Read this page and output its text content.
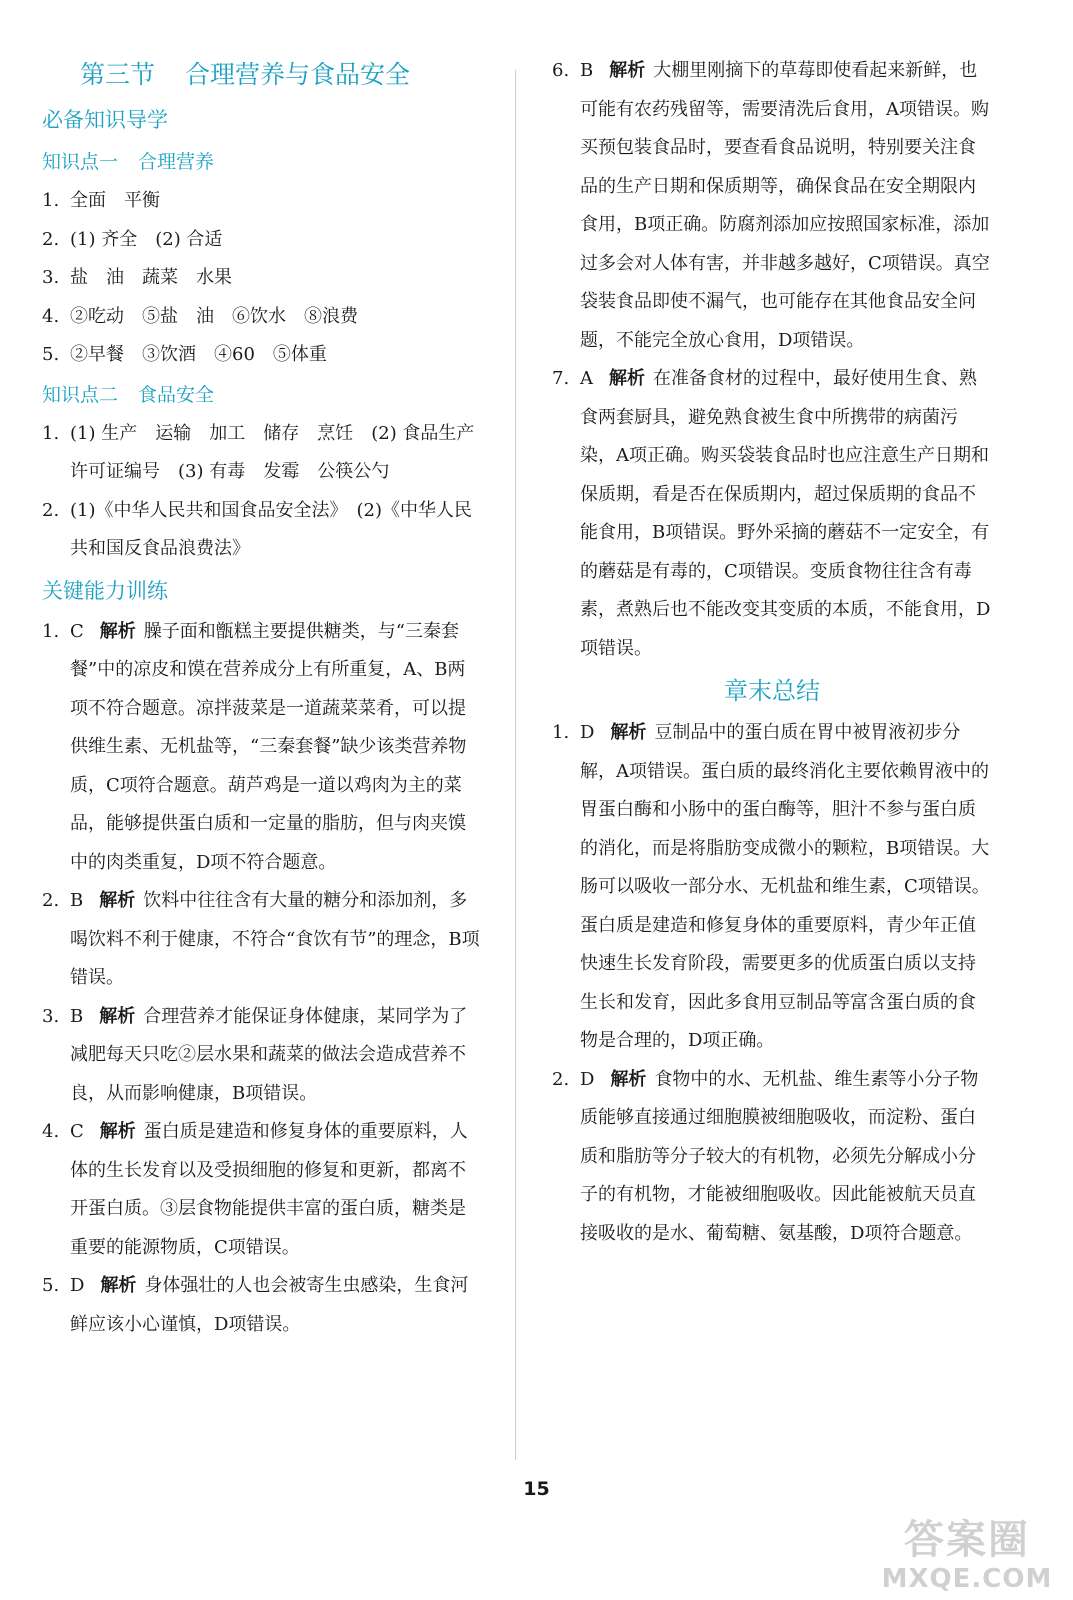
第三节 合理营养与食品安全
必备知识导学
知识点一 合理营养
1. 全面　平衡
2. (1) 齐全　(2) 合适
3. 盐　油　蔬菜　水果
4. ②吃动　⑤盐　油　⑥饮水　⑧浪费
5. ②早餐　③饮酒　④60　⑤体重
知识点二 食品安全
1. (1) 生产　运输　加工　储存　烹饪　(2) 食品生产许可证编号　(3) 有毒　发霉　公筷公勺
2. (1)《中华人民共和国食品安全法》　(2)《中华人民共和国反食品浪费法》
关键能力训练
1. C 解析 臊子面和甑糕主要提供糖类，与“三秦套餐”中的凉皮和馍在营养成分上有所重复，A、B两项不符合题意。凉拌菠菜是一道蔬菜菜肴，可以提供维生素、无机盐等，“三秦套餐”缺少该类营养物质，C项符合题意。葫芦鸡是一道以鸡肉为主的菜品，能够提供蛋白质和一定量的脂肪，但与肉夹馍中的肉类重复，D项不符合题意。
2. B 解析 饮料中往往含有大量的糖分和添加剂，多喝饮料不利于健康，不符合“食饮有节”的理念，B项错误。
3. B 解析 合理营养才能保证身体健康，某同学为了减肥每天只吃②层水果和蔬菜的做法会造成营养不良，从而影响健康，B项错误。
4. C 解析 蛋白质是建造和修复身体的重要原料，人体的生长发育以及受损细胞的修复和更新，都离不开蛋白质。③层食物能提供丰富的蛋白质，糖类是重要的能源物质，C项错误。
5. D 解析 身体强壮的人也会被寄生虫感染，生食河鲜应该小心谨慎，D项错误。
6. B 解析 大棚里刚摘下的草莓即使看起来新鲜，也可能有农药残留等，需要清洗后食用，A项错误。购买预包装食品时，要查看食品说明，特别要关注食品的生产日期和保质期等，确保食品在安全期限内食用，B项正确。防腐剂添加应按照国家标准，添加过多会对人体有害，并非越多越好，C项错误。真空袋装食品即使不漏气，也可能存在其他食品安全问题，不能完全放心食用，D项错误。
7. A 解析 在准备食材的过程中，最好使用生食、熟食两套厨具，避免熟食被生食中所携带的病菌污染，A项正确。购买袋装食品时也应注意生产日期和保质期，看是否在保质期内，超过保质期的食品不能食用，B项错误。野外采摘的蘑菇不一定安全，有的蘑菇是有毒的，C项错误。变质食物往往含有毒素，煮熟后也不能改变其变质的本质，不能食用，D项错误。
章末总结
1. D 解析 豆制品中的蛋白质在胃中被胃液初步分解，A项错误。蛋白质的最终消化主要依赖胃液中的胃蛋白酶和小肠中的蛋白酶等，胆汁不参与蛋白质的消化，而是将脂肪变成微小的颗粒，B项错误。大肠可以吸收一部分水、无机盐和维生素，C项错误。蛋白质是建造和修复身体的重要原料，青少年正值快速生长发育阶段，需要更多的优质蛋白质以支持生长和发育，因此多食用豆制品等富含蛋白质的食物是合理的，D项正确。
2. D 解析 食物中的水、无机盐、维生素等小分子物质能够直接通过细胞膜被细胞吸收，而淀粉、蛋白质和脂肪等分子较大的有机物，必须先分解成小分子的有机物，才能被细胞吸收。因此能被航天员直接吸收的是水、葡萄糖、氨基酸，D项符合题意。
15
答案圈
MXQE.COM
